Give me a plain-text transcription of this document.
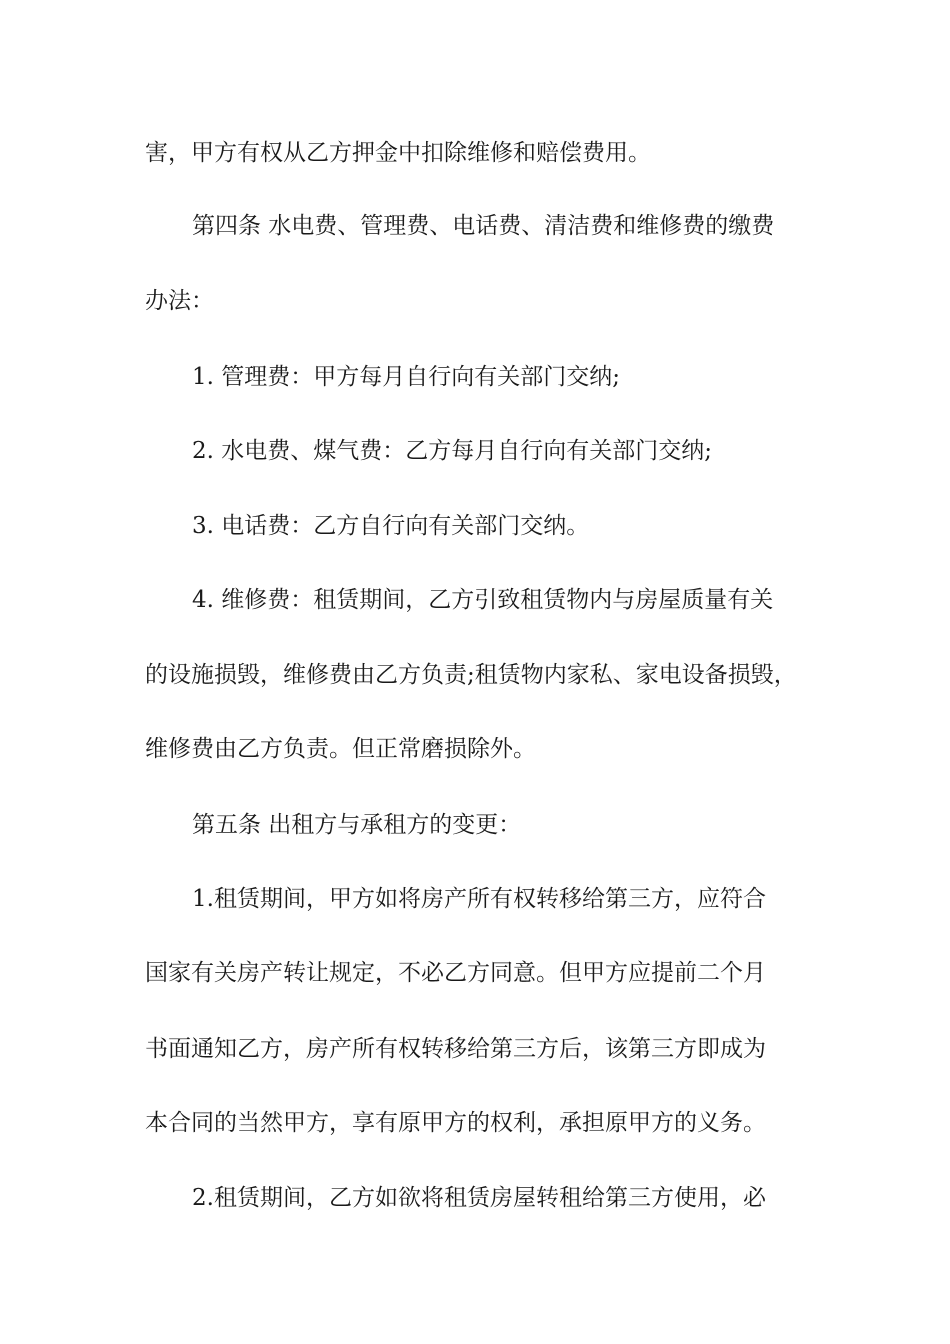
害，甲方有权从乙方押金中扣除维修和赔偿费用。

第四条 水电费、管理费、电话费、清洁费和维修费的缴费

办法：

1. 管理费：甲方每月自行向有关部门交纳;

2. 水电费、煤气费：乙方每月自行向有关部门交纳;

3. 电话费：乙方自行向有关部门交纳。

4. 维修费：租赁期间，乙方引致租赁物内与房屋质量有关

的设施损毁，维修费由乙方负责;租赁物内家私、家电设备损毁，

维修费由乙方负责。但正常磨损除外。

第五条 出租方与承租方的变更：

1.租赁期间，甲方如将房产所有权转移给第三方，应符合

国家有关房产转让规定，不必乙方同意。但甲方应提前二个月

书面通知乙方，房产所有权转移给第三方后，该第三方即成为

本合同的当然甲方，享有原甲方的权利，承担原甲方的义务。

2.租赁期间，乙方如欲将租赁房屋转租给第三方使用，必
